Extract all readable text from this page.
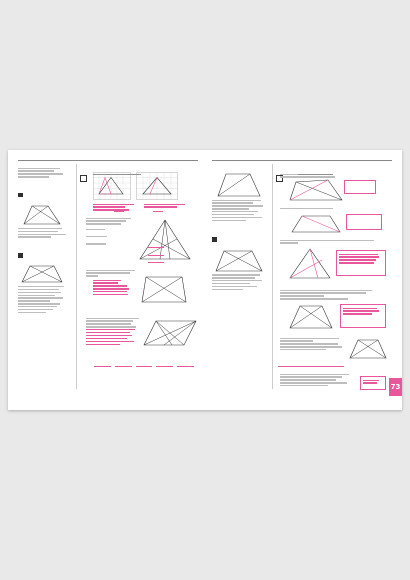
73
